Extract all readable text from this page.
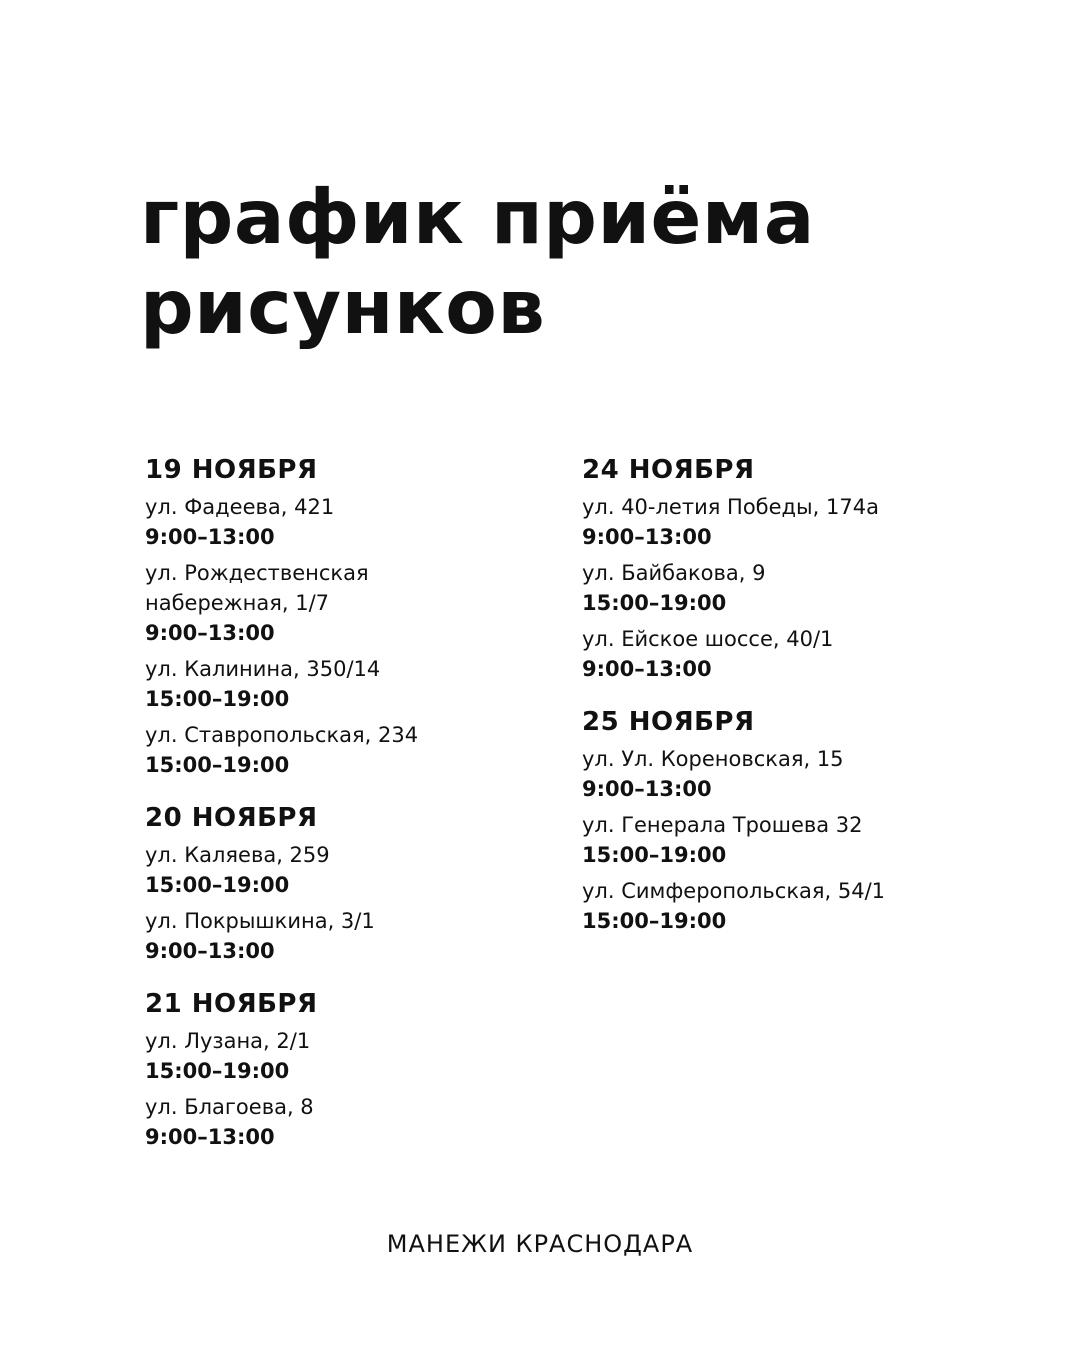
график приёма
рисунков
19 НОЯБРЯ
ул. Фадеева, 421
9:00–13:00
ул. Рождественская набережная, 1/7
9:00–13:00
ул. Калинина, 350/14
15:00–19:00
ул. Ставропольская, 234
15:00–19:00
20 НОЯБРЯ
ул. Каляева, 259
15:00–19:00
ул. Покрышкина, 3/1
9:00–13:00
21 НОЯБРЯ
ул. Лузана, 2/1
15:00–19:00
ул. Благоева, 8
9:00–13:00
24 НОЯБРЯ
ул. 40-летия Победы, 174а
9:00–13:00
ул. Байбакова, 9
15:00–19:00
ул. Ейское шоссе, 40/1
9:00–13:00
25 НОЯБРЯ
ул. Ул. Кореновская, 15
9:00–13:00
ул. Генерала Трошева 32
15:00–19:00
ул. Симферопольская, 54/1
15:00–19:00
МАНЕЖИ КРАСНОДАРА
